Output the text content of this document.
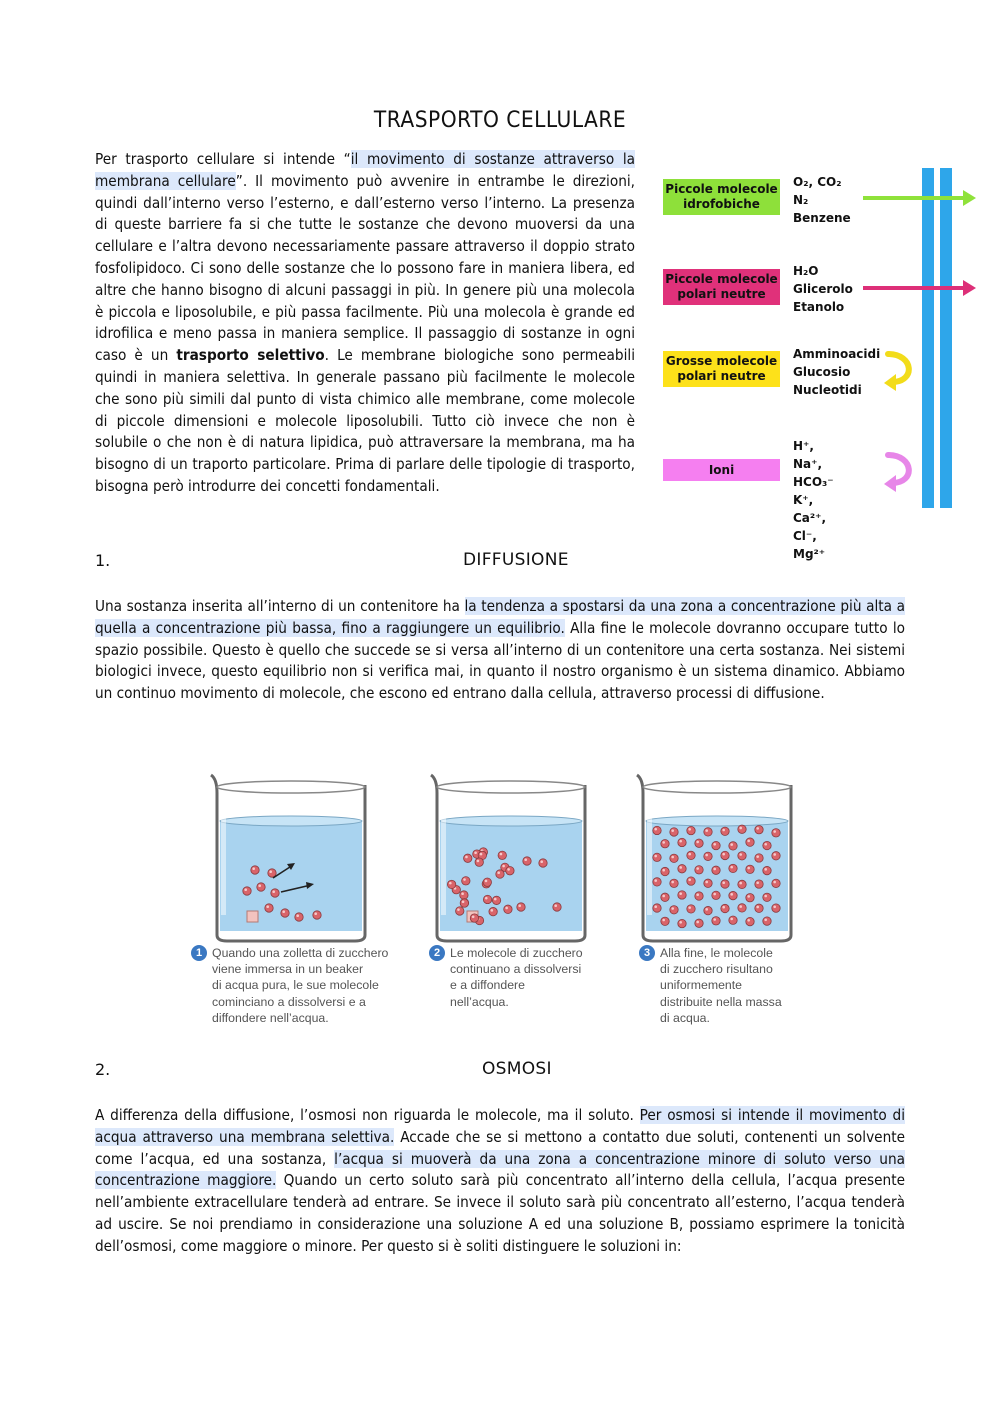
TRASPORTO CELLULARE

Per trasporto cellulare si intende “il movimento di sostanze attraverso la membrana cellulare”. Il movimento può avvenire in entrambe le direzioni, quindi dall’interno verso l’esterno, e dall’esterno verso l’interno. La presenza di queste barriere fa si che tutte le sostanze che devono muoversi da una cellulare e l’altra devono necessariamente passare attraverso il doppio strato fosfolipidoco. Ci sono delle sostanze che lo possono fare in maniera libera, ed altre che hanno bisogno di alcuni passaggi in più. In genere più una molecola è piccola e liposolubile, e più passa facilmente. Più una molecola è grande ed idrofilica e meno passa in maniera semplice. Il passaggio di sostanze in ogni caso è un trasporto selettivo. Le membrane biologiche sono permeabili quindi in maniera selettiva. In generale passano più facilmente le molecole che sono più simili dal punto di vista chimico alle membrane, come molecole di piccole dimensioni e molecole liposolubili. Tutto ciò invece che non è solubile o che non è di natura lipidica, può attraversare la membrana, ma ha bisogno di un traporto particolare. Prima di parlare delle tipologie di trasporto, bisogna però introdurre dei concetti fondamentali.

Piccole molecole idrofobiche
O₂, CO₂
N₂
Benzene
Piccole molecole polari neutre
H₂O
Glicerolo
Etanolo
Grosse molecole polari neutre
Amminoacidi
Glucosio
Nucleotidi
Ioni
H⁺, Na⁺,
HCO₃⁻
K⁺, Ca²⁺,
Cl⁻, Mg²⁺
1.	DIFFUSIONE

Una sostanza inserita all’interno di un contenitore ha la tendenza a spostarsi da una zona a concentrazione più alta a quella a concentrazione più bassa, fino a raggiungere un equilibrio. Alla fine le molecole dovranno occupare tutto lo spazio possibile. Questo è quello che succede se si versa all’interno di un contenitore una certa sostanza. Nei sistemi biologici invece, questo equilibrio non si verifica mai, in quanto il nostro organismo è un sistema dinamico. Abbiamo un continuo movimento di molecole, che escono ed entrano dalla cellula, attraverso processi di diffusione.

1 Quando una zolletta di zucchero
viene immersa in un beaker
di acqua pura, le sue molecole
cominciano a dissolversi e a
diffondere nell’acqua.
2 Le molecole di zucchero
continuano a dissolversi
e a diffondere
nell’acqua.
3 Alla fine, le molecole
di zucchero risultano
uniformemente
distribuite nella massa
di acqua.
2.	OSMOSI

A differenza della diffusione, l’osmosi non riguarda le molecole, ma il soluto. Per osmosi si intende il movimento di acqua attraverso una membrana selettiva. Accade che se si mettono a contatto due soluti, contenenti un solvente come l’acqua, ed una sostanza, l’acqua si muoverà da una zona a concentrazione minore di soluto verso una concentrazione maggiore. Quando un certo soluto sarà più concentrato all’interno della cellula, l’acqua presente nell’ambiente extracellulare tenderà ad entrare. Se invece il soluto sarà più concentrato all’esterno, l’acqua tenderà ad uscire. Se noi prendiamo in considerazione una soluzione A ed una soluzione B, possiamo esprimere la tonicità dell’osmosi, come maggiore o minore. Per questo si è soliti distinguere le soluzioni in:
